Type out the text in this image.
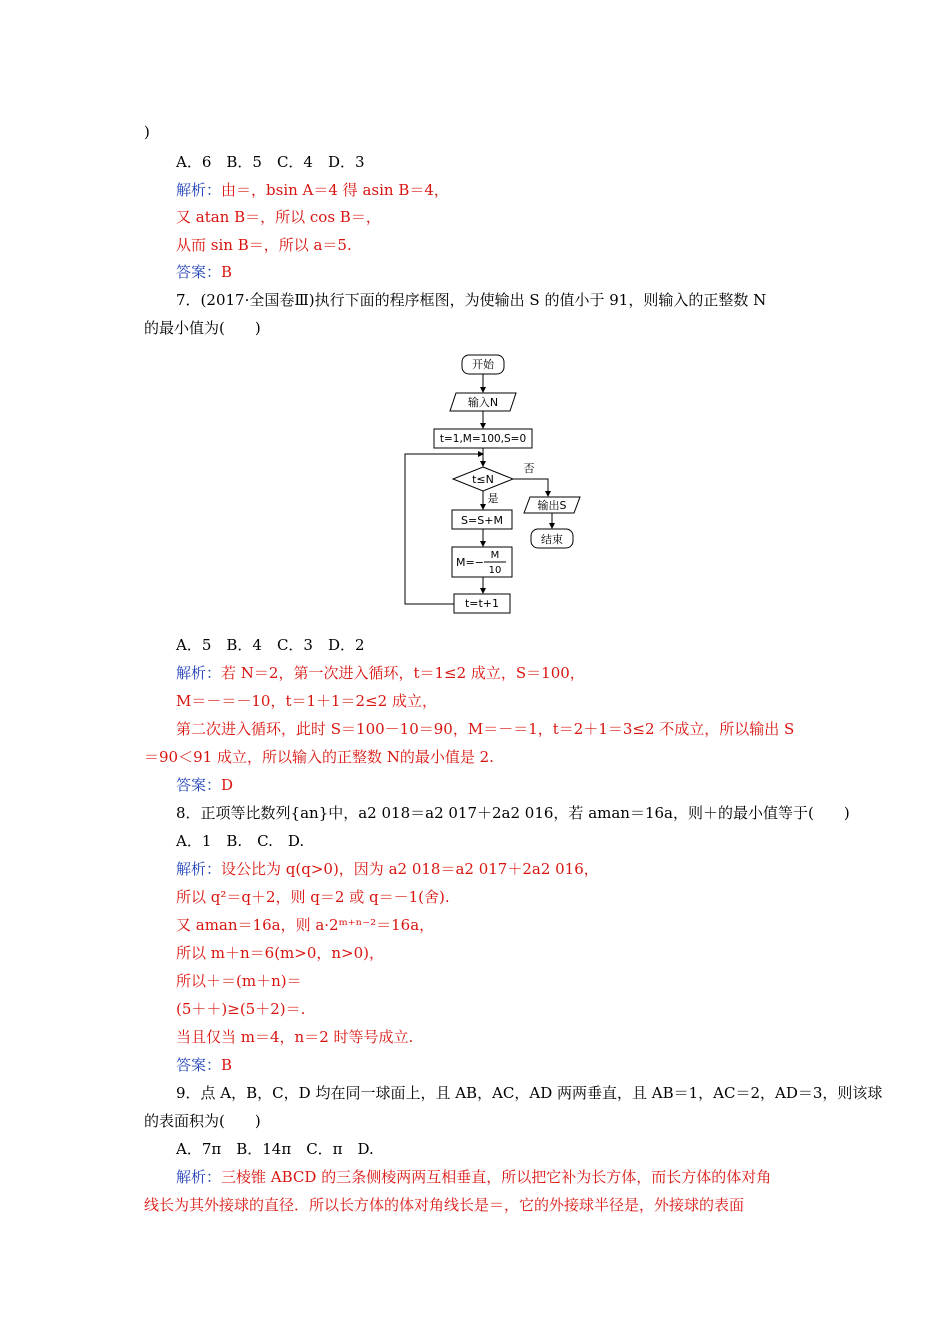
)
A．6　B．5　C．4　D．3
解析：由＝，bsin A＝4 得 asin B＝4，
又 atan B＝，所以 cos B＝，
从而 sin B＝，所以 a＝5.
答案：B
7．(2017·全国卷Ⅲ)执行下面的程序框图，为使输出 S 的值小于 91，则输入的正整数 N
的最小值为(　　)
A．5　B．4　C．3　D．2
解析：若 N＝2，第一次进入循环，t＝1≤2 成立，S＝100，
M＝－＝－10，t＝1＋1＝2≤2 成立，
第二次进入循环，此时 S＝100－10＝90，M＝－＝1，t＝2＋1＝3≤2 不成立，所以输出 S
＝90＜91 成立，所以输入的正整数 N的最小值是 2.
答案：D
8．正项等比数列{an}中，a2 018＝a2 017＋2a2 016，若 aman＝16a，则＋的最小值等于(　　)
A．1　B.　C.　D.
解析：设公比为 q(q>0)，因为 a2 018＝a2 017＋2a2 016，
所以 q²＝q＋2，则 q＝2 或 q＝－1(舍).
又 aman＝16a，则 a·2ᵐ⁺ⁿ⁻²＝16a，
所以 m＋n＝6(m>0，n>0)，
所以＋＝(m＋n)＝
(5＋＋)≥(5＋2)＝.
当且仅当 m＝4，n＝2 时等号成立.
答案：B
9．点 A，B，C，D 均在同一球面上，且 AB，AC，AD 两两垂直，且 AB＝1，AC＝2，AD＝3，则该球
的表面积为(　　)
A．7π　B．14π　C．π　D.
解析：三棱锥 ABCD 的三条侧棱两两互相垂直，所以把它补为长方体，而长方体的体对角
线长为其外接球的直径．所以长方体的体对角线长是＝，它的外接球半径是，外接球的表面
开始
输入N
t=1,M=100,S=0
t≤N
否
是
输出S
结束
S=S+M
M=−
M
10
t=t+1
